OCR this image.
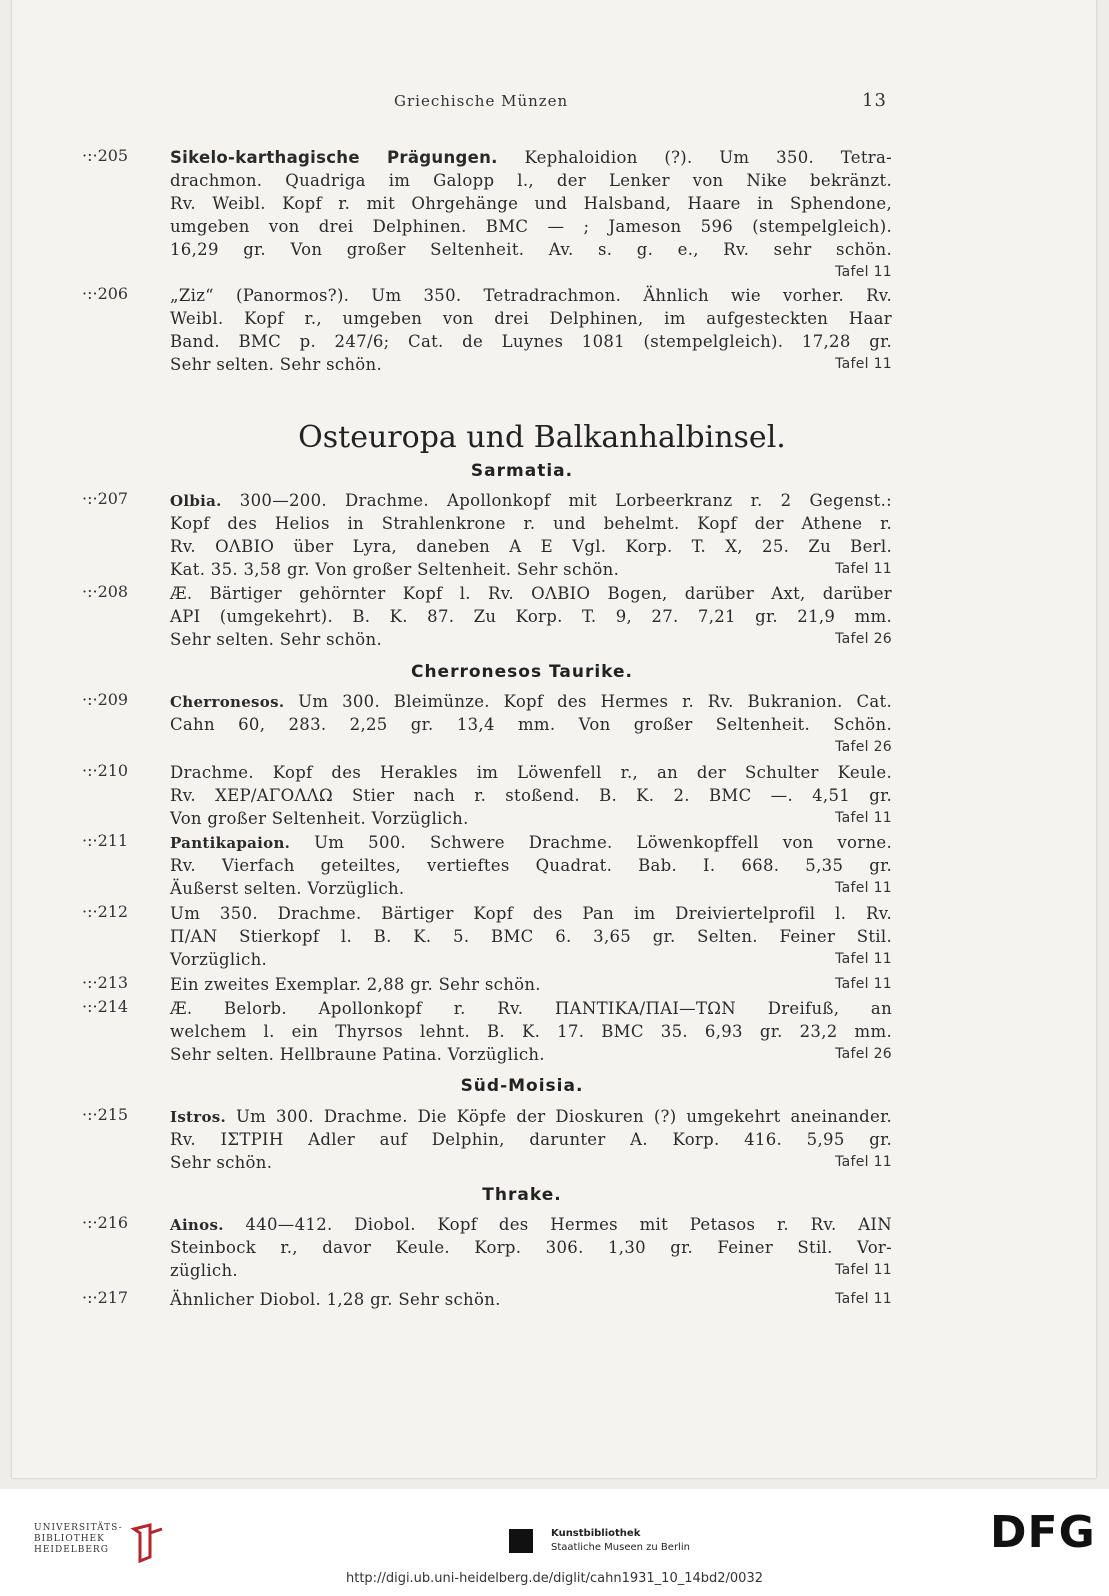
Griechische Münzen	13
·:·205	Sikelo-karthagische Prägungen. Kephaloidion (?). Um 350. Tetra-
drachmon. Quadriga im Galopp l., der Lenker von Nike bekränzt.
Rv. Weibl. Kopf r. mit Ohrgehänge und Halsband, Haare in Sphendone,
umgeben von drei Delphinen. BMC — ; Jameson 596 (stempelgleich).
16,29 gr. Von großer Seltenheit. Av. s. g. e., Rv. sehr schön.
Tafel 11
·:·206	„Ziz“ (Panormos?). Um 350. Tetradrachmon. Ähnlich wie vorher. Rv.
Weibl. Kopf r., umgeben von drei Delphinen, im aufgesteckten Haar
Band. BMC p. 247/6; Cat. de Luynes 1081 (stempelgleich). 17,28 gr.
Sehr selten. Sehr schön.	Tafel 11
Osteuropa und Balkanhalbinsel.
Sarmatia.
·:·207	Olbia. 300—200. Drachme. Apollonkopf mit Lorbeerkranz r. 2 Gegenst.:
Kopf des Helios in Strahlenkrone r. und behelmt. Kopf der Athene r.
Rv. ΟΛΒΙΟ über Lyra, daneben Α Ε Vgl. Korp. T. X, 25. Zu Berl.
Kat. 35. 3,58 gr. Von großer Seltenheit. Sehr schön.	Tafel 11
·:·208	Æ. Bärtiger gehörnter Kopf l. Rv. ΟΛΒΙΟ Bogen, darüber Axt, darüber
ΑΡΙ (umgekehrt). B. K. 87. Zu Korp. T. 9, 27. 7,21 gr. 21,9 mm.
Sehr selten. Sehr schön.	Tafel 26
Cherronesos Taurike.
·:·209	Cherronesos. Um 300. Bleimünze. Kopf des Hermes r. Rv. Bukranion. Cat.
Cahn 60, 283. 2,25 gr. 13,4 mm. Von großer Seltenheit. Schön.
Tafel 26
·:·210	Drachme. Kopf des Herakles im Löwenfell r., an der Schulter Keule.
Rv. ΧΕΡ/ΑΓΟΛΛΩ Stier nach r. stoßend. B. K. 2. BMC —. 4,51 gr.
Von großer Seltenheit. Vorzüglich.	Tafel 11
·:·211	Pantikapaion. Um 500. Schwere Drachme. Löwenkopffell von vorne.
Rv. Vierfach geteiltes, vertieftes Quadrat. Bab. I. 668. 5,35 gr.
Äußerst selten. Vorzüglich.	Tafel 11
·:·212	Um 350. Drachme. Bärtiger Kopf des Pan im Dreiviertelprofil l. Rv.
Π/ΑΝ Stierkopf l. B. K. 5. BMC 6. 3,65 gr. Selten. Feiner Stil.
Vorzüglich.	Tafel 11
·:·213	Ein zweites Exemplar. 2,88 gr. Sehr schön.	Tafel 11
·:·214	Æ. Belorb. Apollonkopf r. Rv. ΠΑΝΤΙΚΑ/ΠΑΙ—ΤΩΝ Dreifuß, an
welchem l. ein Thyrsos lehnt. B. K. 17. BMC 35. 6,93 gr. 23,2 mm.
Sehr selten. Hellbraune Patina. Vorzüglich.	Tafel 26
Süd-Moisia.
·:·215	Istros. Um 300. Drachme. Die Köpfe der Dioskuren (?) umgekehrt aneinander.
Rv. ΙΣΤΡΙΗ Adler auf Delphin, darunter Α. Korp. 416. 5,95 gr.
Sehr schön.	Tafel 11
Thrake.
·:·216	Ainos. 440—412. Diobol. Kopf des Hermes mit Petasos r. Rv. ΑΙΝ
Steinbock r., davor Keule. Korp. 306. 1,30 gr. Feiner Stil. Vor-
züglich.	Tafel 11
·:·217	Ähnlicher Diobol. 1,28 gr. Sehr schön.	Tafel 11
UNIVERSITÄTS-
BIBLIOTHEK
HEIDELBERG
Kunstbibliothek
Staatliche Museen zu Berlin	DFG
http://digi.ub.uni-heidelberg.de/diglit/cahn1931_10_14bd2/0032
